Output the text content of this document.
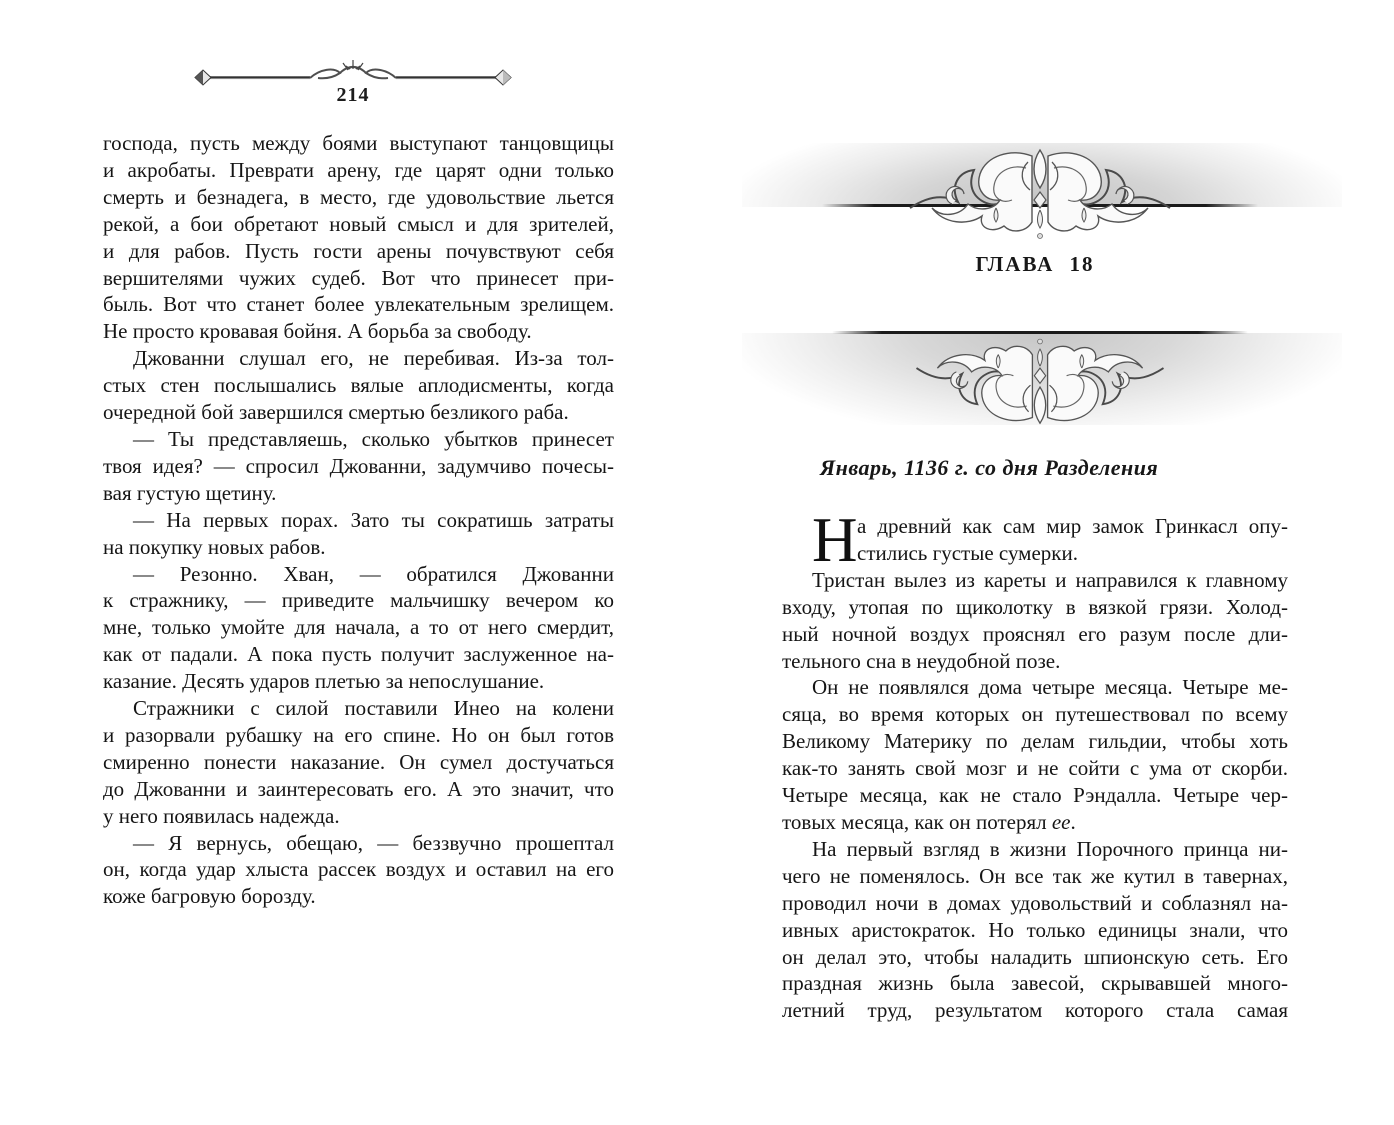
214
господа, пусть между боями выступают танцовщицы
и акробаты. Преврати арену, где царят одни только
смерть и безнадега, в место, где удовольствие льется
рекой, а бои обретают новый смысл и для зрителей,
и для рабов. Пусть гости арены почувствуют себя
вершителями чужих судеб. Вот что принесет при-
быль. Вот что станет более увлекательным зрелищем.
Не просто кровавая бойня. А борьба за свободу.
Джованни слушал его, не перебивая. Из-за тол-
стых стен послышались вялые аплодисменты, когда
очередной бой завершился смертью безликого раба.
— Ты представляешь, сколько убытков принесет
твоя идея? — спросил Джованни, задумчиво почесы-
вая густую щетину.
— На первых порах. Зато ты сократишь затраты
на покупку новых рабов.
— Резонно. Хван, — обратился Джованни
к стражнику, — приведите мальчишку вечером ко
мне, только умойте для начала, а то от него смердит,
как от падали. А пока пусть получит заслуженное на-
казание. Десять ударов плетью за непослушание.
Стражники с силой поставили Инео на колени
и разорвали рубашку на его спине. Но он был готов
смиренно понести наказание. Он сумел достучаться
до Джованни и заинтересовать его. А это значит, что
у него появилась надежда.
— Я вернусь, обещаю, — беззвучно прошептал
он, когда удар хлыста рассек воздух и оставил на его
коже багровую борозду.
ГЛАВА 18
Январь, 1136 г. со дня Разделения
Н а древний как сам мир замок Гринкасл опу-
стились густые сумерки.
Тристан вылез из кареты и направился к главному
входу, утопая по щиколотку в вязкой грязи. Холод-
ный ночной воздух прояснял его разум после дли-
тельного сна в неудобной позе.
Он не появлялся дома четыре месяца. Четыре ме-
сяца, во время которых он путешествовал по всему
Великому Материку по делам гильдии, чтобы хоть
как-то занять свой мозг и не сойти с ума от скорби.
Четыре месяца, как не стало Рэндалла. Четыре чер-
товых месяца, как он потерял ее.
На первый взгляд в жизни Порочного принца ни-
чего не поменялось. Он все так же кутил в тавернах,
проводил ночи в домах удовольствий и соблазнял на-
ивных аристократок. Но только единицы знали, что
он делал это, чтобы наладить шпионскую сеть. Его
праздная жизнь была завесой, скрывавшей много-
летний труд, результатом которого стала самая
